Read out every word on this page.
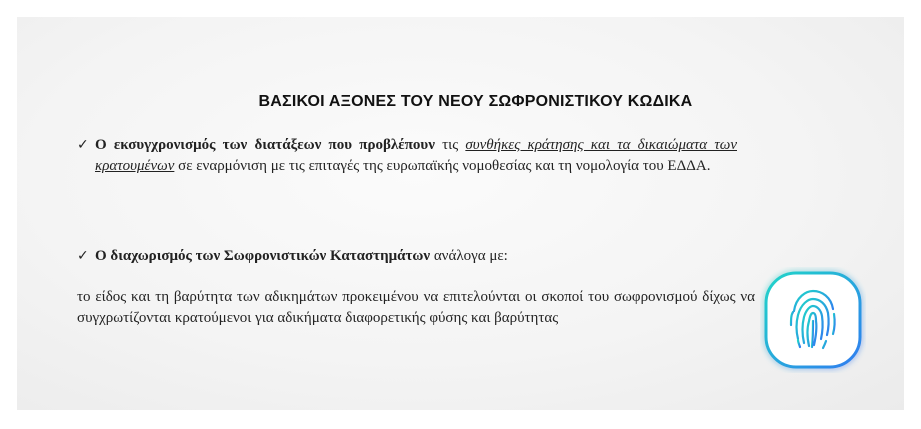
ΒΑΣΙΚΟΙ ΑΞΟΝΕΣ ΤΟΥ ΝΕΟΥ ΣΩΦΡΟΝΙΣΤΙΚΟΥ ΚΩΔΙΚΑ
✓ Ο εκσυγχρονισμός των διατάξεων που προβλέπουν τις συνθήκες κράτησης και τα δικαιώματα των κρατουμένων σε εναρμόνιση με τις επιταγές της ευρωπαϊκής νομοθεσίας και τη νομολογία του ΕΔΔΑ.
✓ Ο διαχωρισμός των Σωφρονιστικών Καταστημάτων ανάλογα με:
το είδος και τη βαρύτητα των αδικημάτων προκειμένου να επιτελούνται οι σκοποί του σωφρονισμού δίχως να συγχρωτίζονται κρατούμενοι για αδικήματα διαφορετικής φύσης και βαρύτητας
